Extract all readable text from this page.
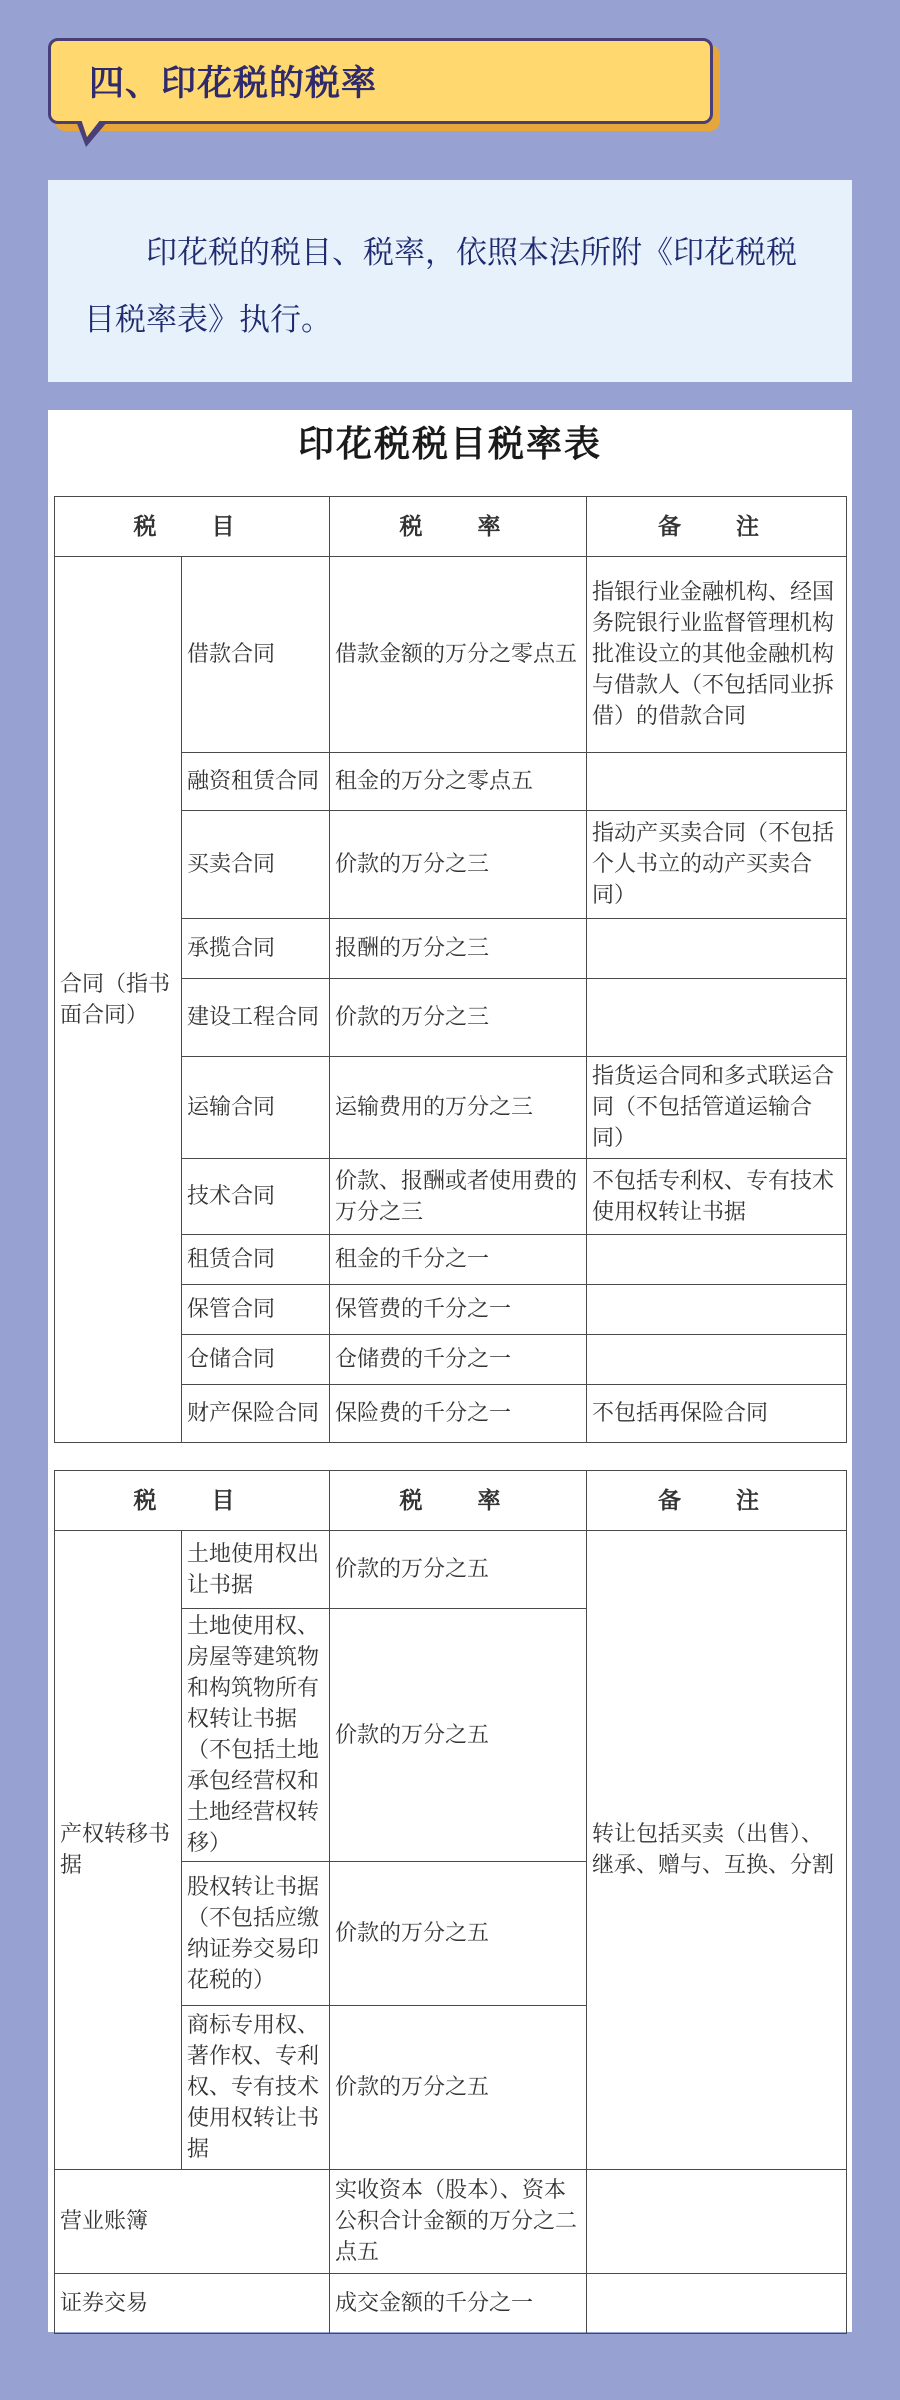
四、印花税的税率

印花税的税目、税率，依照本法所附《印花税税目税率表》执行。

印花税税目税率表
税　目		税　率	备　注
合同（指书面合同）	借款合同	借款金额的万分之零点五	指银行业金融机构、经国务院银行业监督管理机构批准设立的其他金融机构与借款人（不包括同业拆借）的借款合同
	融资租赁合同	租金的万分之零点五	
	买卖合同	价款的万分之三	指动产买卖合同（不包括个人书立的动产买卖合同）
	承揽合同	报酬的万分之三	
	建设工程合同	价款的万分之三	
	运输合同	运输费用的万分之三	指货运合同和多式联运合同（不包括管道运输合同）
	技术合同	价款、报酬或者使用费的万分之三	不包括专利权、专有技术使用权转让书据
	租赁合同	租金的千分之一	
	保管合同	保管费的千分之一	
	仓储合同	仓储费的千分之一	
	财产保险合同	保险费的千分之一	不包括再保险合同
税　目		税　率	备　注
产权转移书据	土地使用权出让书据	价款的万分之五	转让包括买卖（出售）、继承、赠与、互换、分割
	土地使用权、房屋等建筑物和构筑物所有权转让书据（不包括土地承包经营权和土地经营权转移）	价款的万分之五	
	股权转让书据（不包括应缴纳证券交易印花税的）	价款的万分之五	
	商标专用权、著作权、专利权、专有技术使用权转让书据	价款的万分之五	
营业账簿		实收资本（股本）、资本公积合计金额的万分之二点五	
证券交易		成交金额的千分之一	
